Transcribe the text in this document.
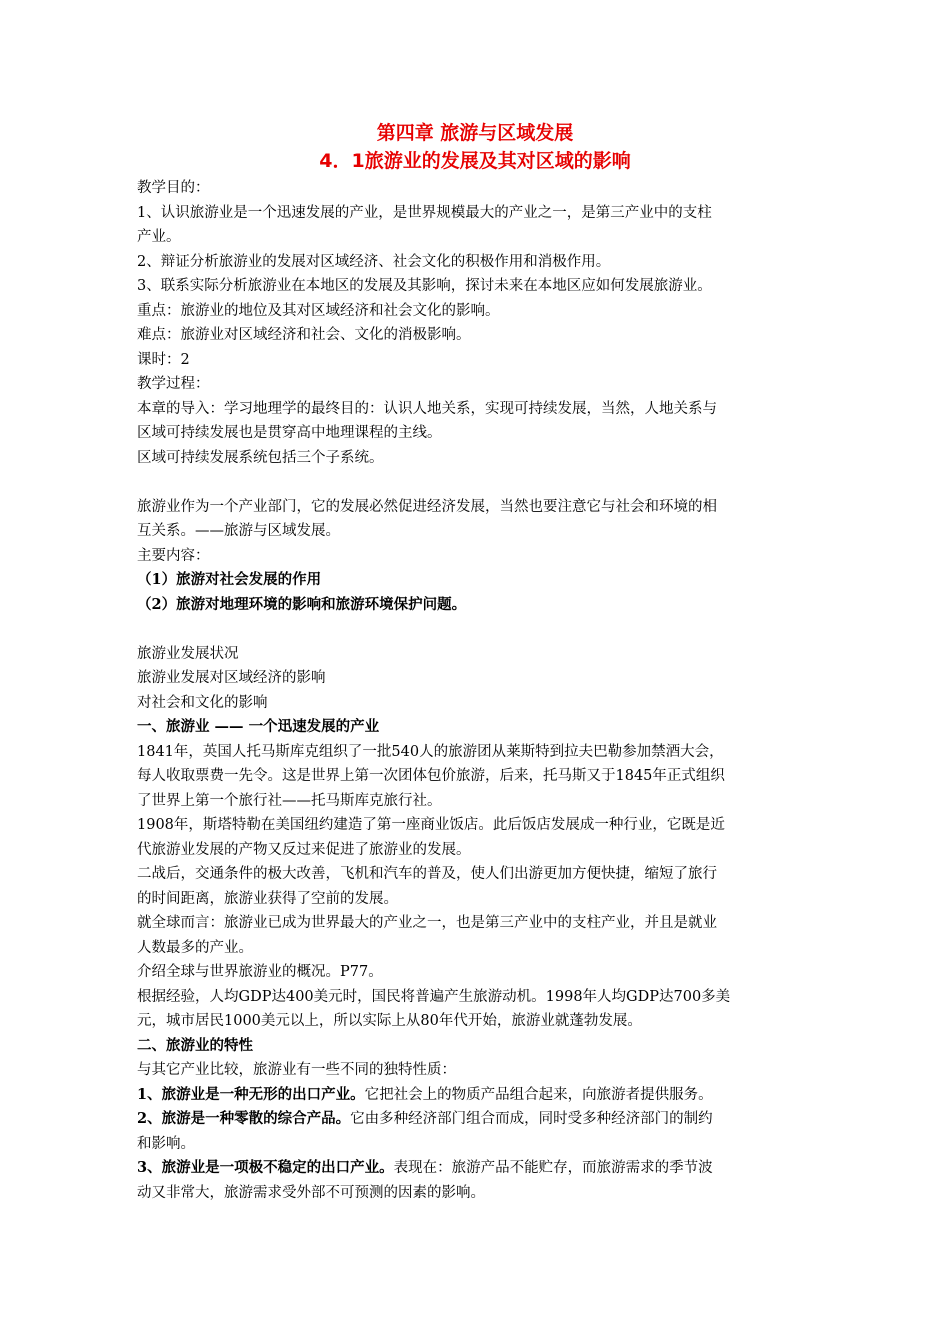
第四章 旅游与区域发展
4．1旅游业的发展及其对区域的影响
教学目的：
1、认识旅游业是一个迅速发展的产业，是世界规模最大的产业之一，是第三产业中的支柱
产业。
2、辩证分析旅游业的发展对区域经济、社会文化的积极作用和消极作用。
3、联系实际分析旅游业在本地区的发展及其影响，探讨未来在本地区应如何发展旅游业。
重点：旅游业的地位及其对区域经济和社会文化的影响。
难点：旅游业对区域经济和社会、文化的消极影响。
课时：2
教学过程：
本章的导入：学习地理学的最终目的：认识人地关系，实现可持续发展，当然，人地关系与
区域可持续发展也是贯穿高中地理课程的主线。
区域可持续发展系统包括三个子系统。
旅游业作为一个产业部门，它的发展必然促进经济发展，当然也要注意它与社会和环境的相
互关系。——旅游与区域发展。
主要内容：
（1）旅游对社会发展的作用
（2）旅游对地理环境的影响和旅游环境保护问题。
旅游业发展状况
旅游业发展对区域经济的影响
对社会和文化的影响
一、旅游业 —— 一个迅速发展的产业
1841年，英国人托马斯库克组织了一批540人的旅游团从莱斯特到拉夫巴勒参加禁酒大会，
每人收取票费一先令。这是世界上第一次团体包价旅游，后来，托马斯又于1845年正式组织
了世界上第一个旅行社——托马斯库克旅行社。
1908年，斯塔特勒在美国纽约建造了第一座商业饭店。此后饭店发展成一种行业，它既是近
代旅游业发展的产物又反过来促进了旅游业的发展。
二战后，交通条件的极大改善，飞机和汽车的普及，使人们出游更加方便快捷，缩短了旅行
的时间距离，旅游业获得了空前的发展。
就全球而言：旅游业已成为世界最大的产业之一，也是第三产业中的支柱产业，并且是就业
人数最多的产业。
介绍全球与世界旅游业的概况。P77。
根据经验，人均GDP达400美元时，国民将普遍产生旅游动机。1998年人均GDP达700多美
元，城市居民1000美元以上，所以实际上从80年代开始，旅游业就蓬勃发展。
二、旅游业的特性
与其它产业比较，旅游业有一些不同的独特性质：
1、旅游业是一种无形的出口产业。它把社会上的物质产品组合起来，向旅游者提供服务。
2、旅游是一种零散的综合产品。它由多种经济部门组合而成，同时受多种经济部门的制约
和影响。
3、旅游业是一项极不稳定的出口产业。表现在：旅游产品不能贮存，而旅游需求的季节波
动又非常大，旅游需求受外部不可预测的因素的影响。
